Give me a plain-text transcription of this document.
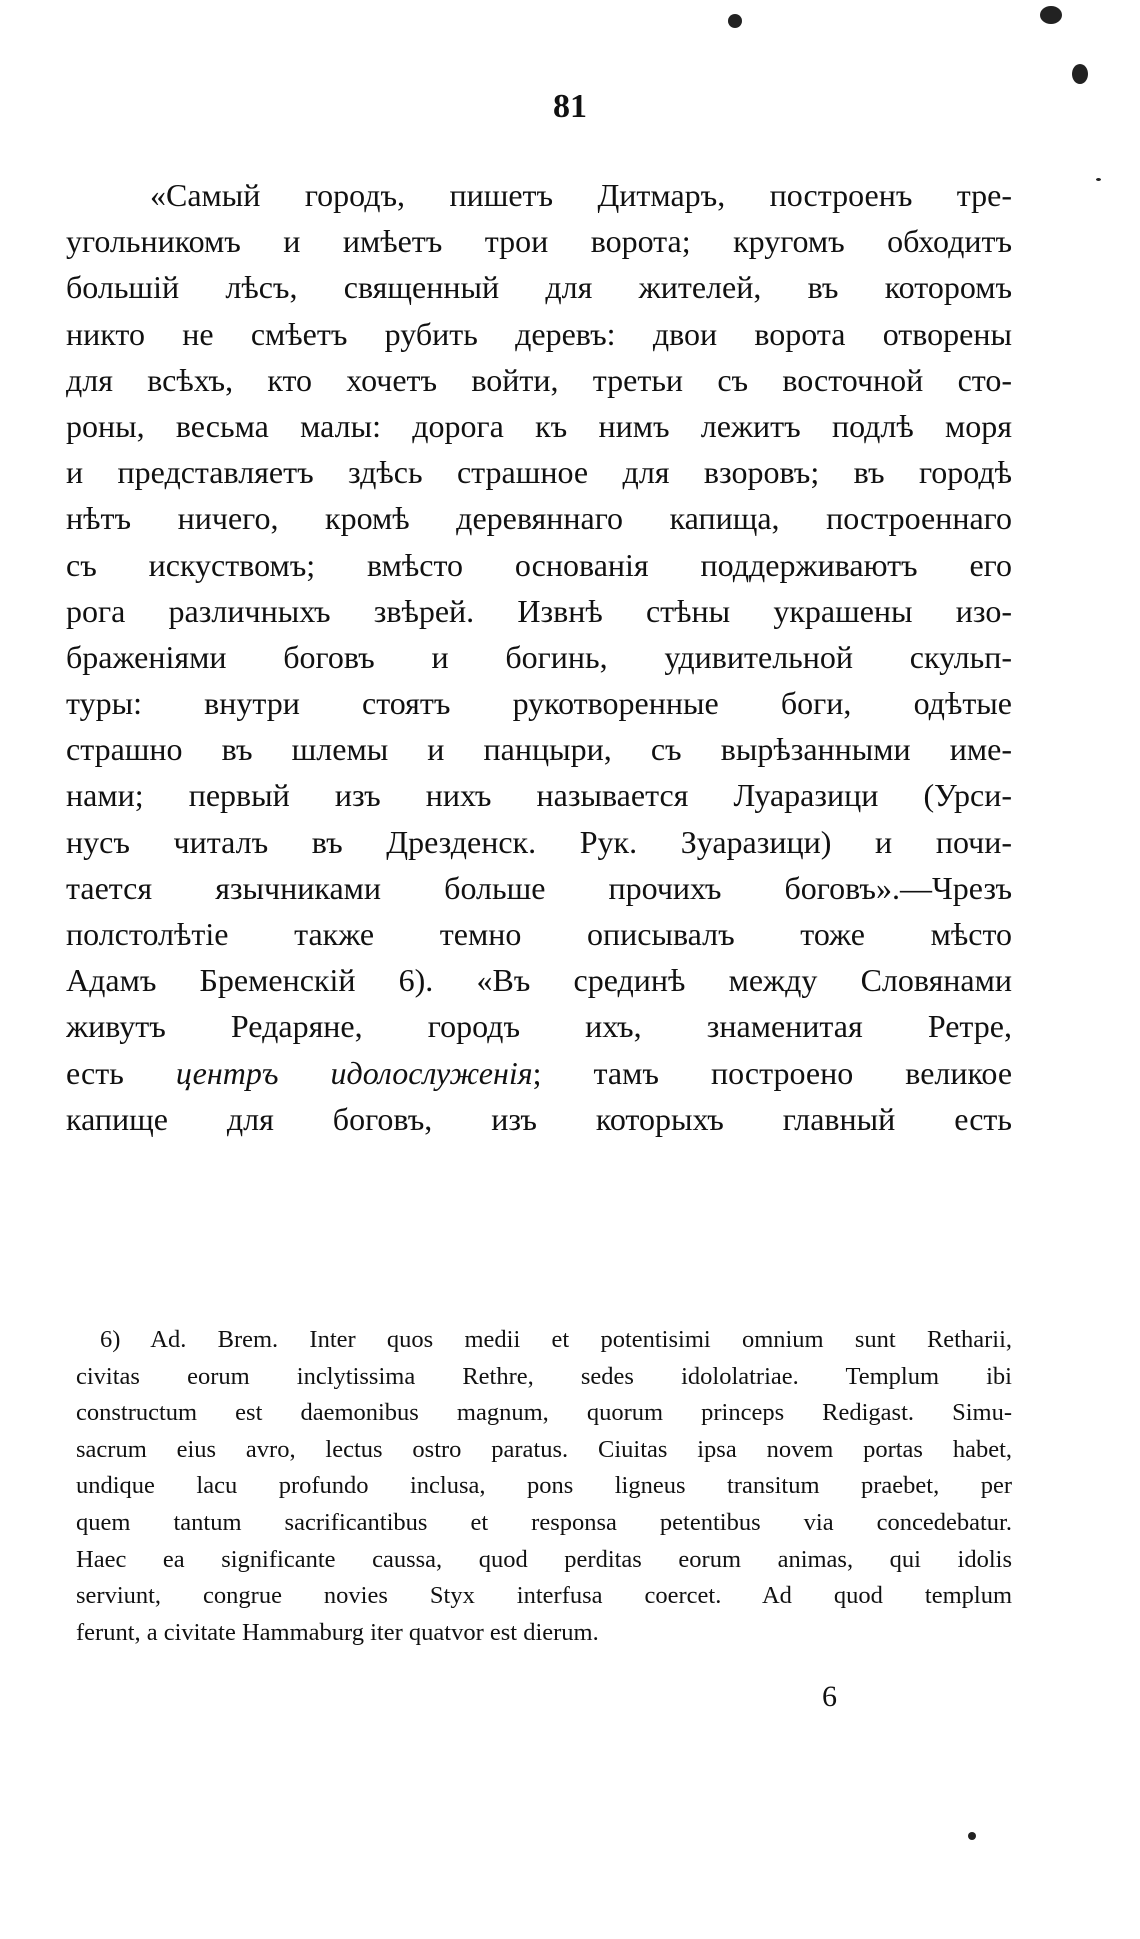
81
«Самый городъ, пишетъ Дитмаръ, построенъ тре-
угольникомъ и имѣетъ трои ворота; кругомъ обходитъ
большій лѣсъ, священный для жителей, въ которомъ
никто не смѣетъ рубить деревъ: двои ворота отворены
для всѣхъ, кто хочетъ войти, третьи съ восточной сто-
роны, весьма малы: дорога къ нимъ лежитъ подлѣ моря
и представляетъ здѣсь страшное для взоровъ; въ городѣ
нѣтъ ничего, кромѣ деревяннаго капища, построеннаго
съ искуствомъ; вмѣсто основанія поддерживаютъ его
рога различныхъ звѣрей. Извнѣ стѣны украшены изо-
браженіями боговъ и богинь, удивительной скульп-
туры: внутри стоятъ рукотворенные боги, одѣтые
страшно въ шлемы и панцыри, съ вырѣзанными име-
нами; первый изъ нихъ называется Луаразици (Урси-
нусъ читалъ въ Дрезденск. Рук. Зуаразици) и почи-
тается язычниками больше прочихъ боговъ».—Чрезъ
полстолѣтіе также темно описывалъ тоже мѣсто
Адамъ Бременскій 6). «Въ срединѣ между Словянами
живутъ Редаряне, городъ ихъ, знаменитая Ретре,
есть центръ идолослуженія; тамъ построено великое
капище для боговъ, изъ которыхъ главный есть
6) Ad. Brem. Inter quos medii et potentisimi omnium sunt Retharii,
civitas eorum inclytissima Rethre, sedes idololatriae. Templum ibi
constructum est daemonibus magnum, quorum princeps Redigast. Simu-
sacrum eius avro, lectus ostro paratus. Ciuitas ipsa novem portas habet,
undique lacu profundo inclusa, pons ligneus transitum praebet, per
quem tantum sacrificantibus et responsa petentibus via concedebatur.
Haec ea significante caussa, quod perditas eorum animas, qui idolis
serviunt, congrue novies Styx interfusa coercet. Ad quod templum
ferunt, a civitate Hammaburg iter quatvor est dierum.
6
